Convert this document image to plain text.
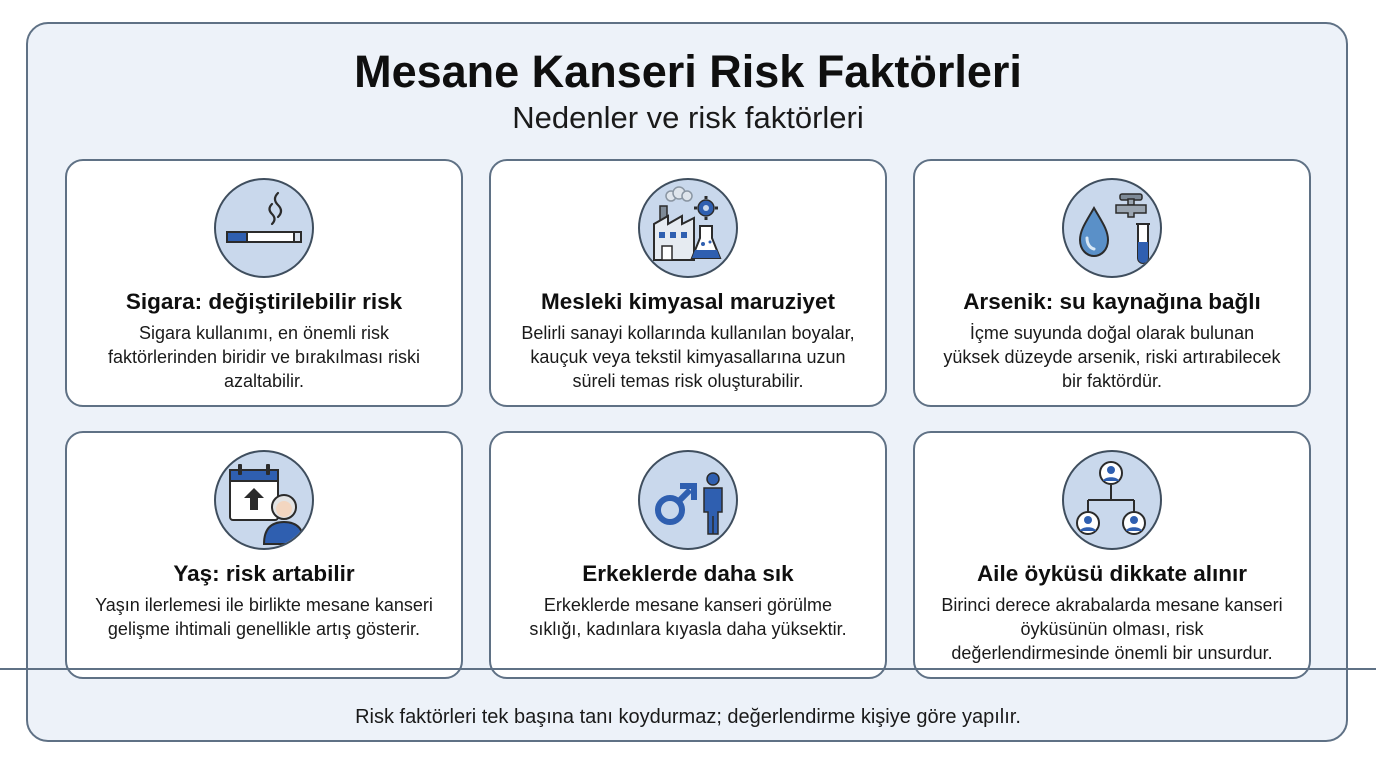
Mesane Kanseri Risk Faktörleri
Nedenler ve risk faktörleri
Sigara: değiştirilebilir risk
Sigara kullanımı, en önemli risk faktörlerinden biridir ve bırakılması riski azaltabilir.
Mesleki kimyasal maruziyet
Belirli sanayi kollarında kullanılan boyalar, kauçuk veya tekstil kimyasallarına uzun süreli temas risk oluşturabilir.
Arsenik: su kaynağına bağlı
İçme suyunda doğal olarak bulunan yüksek düzeyde arsenik, riski artırabilecek bir faktördür.
Yaş: risk artabilir
Yaşın ilerlemesi ile birlikte mesane kanseri gelişme ihtimali genellikle artış gösterir.
Erkeklerde daha sık
Erkeklerde mesane kanseri görülme sıklığı, kadınlara kıyasla daha yüksektir.
Aile öyküsü dikkate alınır
Birinci derece akrabalarda mesane kanseri öyküsünün olması, risk değerlendirmesinde önemli bir unsurdur.
Risk faktörleri tek başına tanı koydurmaz; değerlendirme kişiye göre yapılır.
